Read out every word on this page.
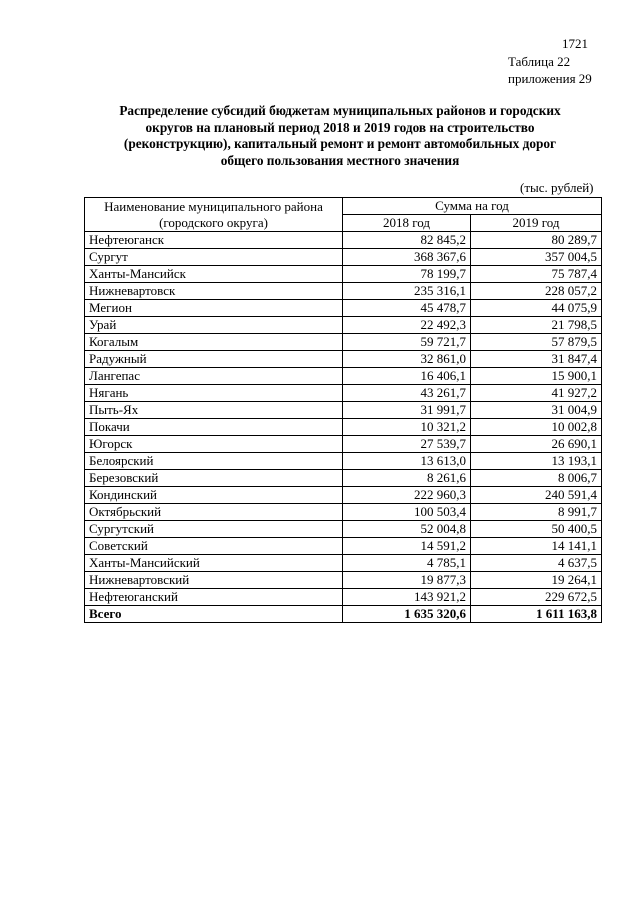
1721
Таблица 22
приложения 29
Распределение субсидий бюджетам муниципальных районов и городских
округов на плановый период 2018 и 2019 годов на строительство
(реконструкцию), капитальный ремонт и ремонт автомобильных дорог
общего пользования местного значения
(тыс. рублей)
Наименование муниципального района
(городского округа)	Сумма на год	
	2018 год	2019 год
Нефтеюганск	82 845,2	80 289,7
Сургут	368 367,6	357 004,5
Ханты-Мансийск	78 199,7	75 787,4
Нижневартовск	235 316,1	228 057,2
Мегион	45 478,7	44 075,9
Урай	22 492,3	21 798,5
Когалым	59 721,7	57 879,5
Радужный	32 861,0	31 847,4
Лангепас	16 406,1	15 900,1
Нягань	43 261,7	41 927,2
Пыть-Ях	31 991,7	31 004,9
Покачи	10 321,2	10 002,8
Югорск	27 539,7	26 690,1
Белоярский	13 613,0	13 193,1
Березовский	8 261,6	8 006,7
Кондинский	222 960,3	240 591,4
Октябрьский	100 503,4	8 991,7
Сургутский	52 004,8	50 400,5
Советский	14 591,2	14 141,1
Ханты-Мансийский	4 785,1	4 637,5
Нижневартовский	19 877,3	19 264,1
Нефтеюганский	143 921,2	229 672,5
Всего	1 635 320,6	1 611 163,8
